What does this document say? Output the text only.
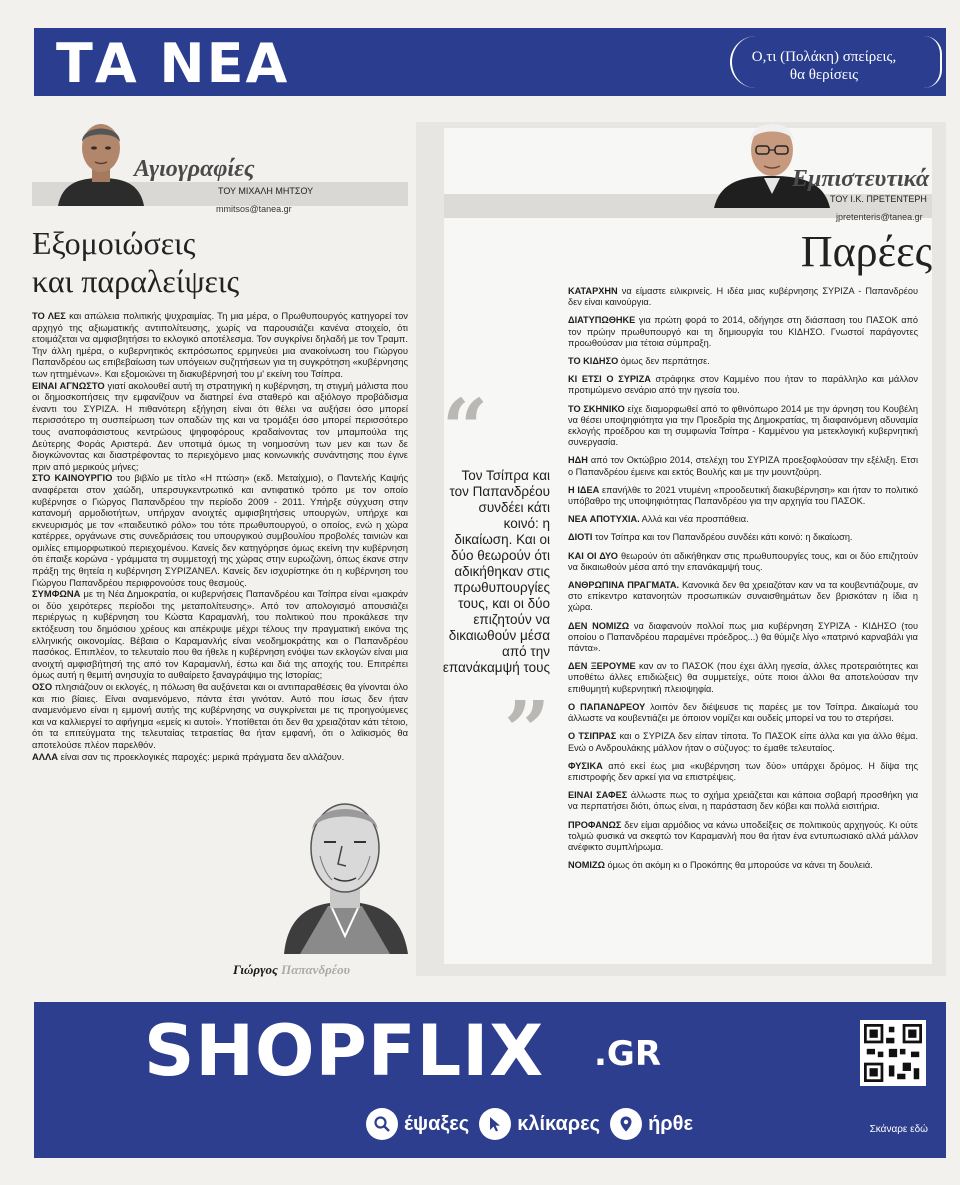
ΤΑ ΝΕΑ	Ο,τι (Πολάκη) σπείρεις,
θα θερίσεις
Αγιογραφίες
ΤΟΥ ΜΙΧΑΛΗ ΜΗΤΣΟΥ
mmitsos@tanea.gr
Εξομοιώσεις
και παραλείψεις

ΤΟ ΛΕΣ και απώλεια πολιτικής ψυχραιμίας. Τη μια μέρα, ο Πρωθυπουργός κατηγορεί τον αρχηγό της αξιωματικής αντιπολίτευσης, χωρίς να παρουσιάζει κανένα στοιχείο, ότι ετοιμάζεται να αμφισβητήσει το εκλογικό αποτέλεσμα. Τον συγκρίνει δηλαδή με τον Τραμπ. Την άλλη ημέρα, ο κυβερνητικός εκπρόσωπος ερμηνεύει μια ανακοίνωση του Γιώργου Παπανδρέου ως επιβεβαίωση των υπόγειων συζητήσεων για τη συγκρότηση «κυβέρνησης των ηττημένων». Και εξομοιώνει τη διακυβέρνησή του μ' εκείνη του Τσίπρα.

ΕΙΝΑΙ ΑΓΝΩΣΤΟ γιατί ακολουθεί αυτή τη στρατηγική η κυβέρνηση, τη στιγμή μάλιστα που οι δημοσκοπήσεις την εμφανίζουν να διατηρεί ένα σταθερό και αξιόλογο προβάδισμα έναντι του ΣΥΡΙΖΑ. Η πιθανότερη εξήγηση είναι ότι θέλει να αυξήσει όσο μπορεί περισσότερο τη συσπείρωση των οπαδών της και να τρομάξει όσο μπορεί περισσότερο τους αναποφάσιστους κεντρώους ψηφοφόρους κραδαίνοντας τον μπαμπούλα της Δεύτερης Φοράς Αριστερά. Δεν υποτιμά όμως τη νοημοσύνη των μεν και των δε διογκώνοντας και διαστρέφοντας το περιεχόμενο μιας κοινωνικής συνάντησης που έγινε πριν από μερικούς μήνες;

ΣΤΟ ΚΑΙΝΟΥΡΓΙΟ του βιβλίο με τίτλο «Η πτώση» (εκδ. Μεταίχμιο), ο Παντελής Καψής αναφέρεται στον χαώδη, υπερσυγκεντρωτικό και αντιφατικό τρόπο με τον οποίο κυβέρνησε ο Γιώργος Παπανδρέου την περίοδο 2009 - 2011. Υπήρξε σύγχυση στην κατανομή αρμοδιοτήτων, υπήρχαν ανοιχτές αμφισβητήσεις υπουργών, υπήρχε και εκνευρισμός με τον «παιδευτικό ρόλο» του τότε πρωθυπουργού, ο οποίος, ενώ η χώρα κατέρρεε, οργάνωνε στις συνεδριάσεις του υπουργικού συμβουλίου προβολές ταινιών και ομιλίες επιμορφωτικού περιεχομένου. Κανείς δεν κατηγόρησε όμως εκείνη την κυβέρνηση ότι έπαιξε κορώνα - γράμματα τη συμμετοχή της χώρας στην ευρωζώνη, όπως έκανε στην πράξη της θητεία η κυβέρνηση ΣΥΡΙΖΑΝΕΛ. Κανείς δεν ισχυρίστηκε ότι η κυβέρνηση του Γιώργου Παπανδρέου περιφρονούσε τους θεσμούς.

ΣΥΜΦΩΝΑ με τη Νέα Δημοκρατία, οι κυβερνήσεις Παπανδρέου και Τσίπρα είναι «μακράν οι δύο χειρότερες περίοδοι της μεταπολίτευσης». Από τον απολογισμό απουσιάζει περιέργως η κυβέρνηση του Κώστα Καραμανλή, του πολιτικού που προκάλεσε την εκτόξευση του δημόσιου χρέους και απέκρυψε μέχρι τέλους την πραγματική εικόνα της ελληνικής οικονομίας. Βέβαια ο Καραμανλής είναι νεοδημοκράτης και ο Παπανδρέου πασόκος. Επιπλέον, το τελευταίο που θα ήθελε η κυβέρνηση ενόψει των εκλογών είναι μια ανοιχτή αμφισβήτησή της από τον Καραμανλή, έστω και διά της αποχής του. Επιτρέπει όμως αυτή η θεμιτή ανησυχία το αυθαίρετο ξαναγράψιμο της Ιστορίας;

ΟΣΟ πλησιάζουν οι εκλογές, η πόλωση θα αυξάνεται και οι αντιπαραθέσεις θα γίνονται όλο και πιο βίαιες. Είναι αναμενόμενο, πάντα έτσι γινόταν. Αυτό που ίσως δεν ήταν αναμενόμενο είναι η εμμονή αυτής της κυβέρνησης να συγκρίνεται με τις προηγούμενες και να καλλιεργεί το αφήγημα «εμείς κι αυτοί». Υποτίθεται ότι δεν θα χρειαζόταν κάτι τέτοιο, ότι τα επιτεύγματα της τελευταίας τετραετίας θα ήταν εμφανή, ότι ο λαϊκισμός θα αποτελούσε πλέον παρελθόν.

ΑΛΛΑ είναι σαν τις προεκλογικές παροχές: μερικά πράγματα δεν αλλάζουν.

Γιώργος Παπανδρέου
Εμπιστευτικά
ΤΟΥ Ι.Κ. ΠΡΕΤΕΝΤΕΡΗ
jpretenteris@tanea.gr
Παρέες
“
Τον Τσίπρα και τον Παπανδρέου συνδέει κάτι κοινό: η δικαίωση. Και οι δύο θεωρούν ότι αδικήθηκαν στις πρωθυπουργίες τους, και οι δύο επιζητούν να δικαιωθούν μέσα από την επανάκαμψή τους
”

ΚΑΤΑΡΧΗΝ να είμαστε ειλικρινείς. Η ιδέα μιας κυβέρνησης ΣΥΡΙΖΑ - Παπανδρέου δεν είναι καινούργια.

ΔΙΑΤΥΠΩΘΗΚΕ για πρώτη φορά το 2014, οδήγησε στη διάσπαση του ΠΑΣΟΚ από τον πρώην πρωθυπουργό και τη δημιουργία του ΚΙΔΗΣΟ. Γνωστοί παράγοντες προωθούσαν μια τέτοια σύμπραξη.

ΤΟ ΚΙΔΗΣΟ όμως δεν περπάτησε.

ΚΙ ΕΤΣΙ Ο ΣΥΡΙΖΑ στράφηκε στον Καμμένο που ήταν το παράλληλο και μάλλον προτιμώμενο σενάριο από την ηγεσία του.

ΤΟ ΣΚΗΝΙΚΟ είχε διαμορφωθεί από το φθινόπωρο 2014 με την άρνηση του Κουβέλη να θέσει υποψηφιότητα για την Προεδρία της Δημοκρατίας, τη διαφαινόμενη αδυναμία εκλογής προέδρου και τη συμφωνία Τσίπρα - Καμμένου για μετεκλογική κυβερνητική συνεργασία.

ΗΔΗ από τον Οκτώβριο 2014, στελέχη του ΣΥΡΙΖΑ προεξοφλούσαν την εξέλιξη. Ετσι ο Παπανδρέου έμεινε και εκτός Βουλής και με την μουντζούρη.

Η ΙΔΕΑ επανήλθε το 2021 ντυμένη «προοδευτική διακυβέρνηση» και ήταν το πολιτικό υπόβαθρο της υποψηφιότητας Παπανδρέου για την αρχηγία του ΠΑΣΟΚ.

ΝΕΑ ΑΠΟΤΥΧΙΑ. Αλλά και νέα προσπάθεια.

ΔΙΟΤΙ τον Τσίπρα και τον Παπανδρέου συνδέει κάτι κοινό: η δικαίωση.

ΚΑΙ ΟΙ ΔΥΟ θεωρούν ότι αδικήθηκαν στις πρωθυπουργίες τους, και οι δύο επιζητούν να δικαιωθούν μέσα από την επανάκαμψή τους.

ΑΝΘΡΩΠΙΝΑ ΠΡΑΓΜΑΤΑ. Κανονικά δεν θα χρειαζόταν καν να τα κουβεντιάζουμε, αν στο επίκεντρο κατανοητών προσωπικών συναισθημάτων δεν βρισκόταν η ίδια η χώρα.

ΔΕΝ ΝΟΜΙΖΩ να διαφανούν πολλοί πως μια κυβέρνηση ΣΥΡΙΖΑ - ΚΙΔΗΣΟ (του οποίου ο Παπανδρέου παραμένει πρόεδρος...) θα θύμιζε λίγο «πατρινό καρναβάλι για πάντα».

ΔΕΝ ΞΕΡΟΥΜΕ καν αν το ΠΑΣΟΚ (που έχει άλλη ηγεσία, άλλες προτεραιότητες και υποθέτω άλλες επιδιώξεις) θα συμμετείχε, ούτε ποιοι άλλοι θα αποτελούσαν την επιθυμητή κυβερνητική πλειοψηφία.

Ο ΠΑΠΑΝΔΡΕΟΥ λοιπόν δεν διέψευσε τις παρέες με τον Τσίπρα. Δικαίωμά του άλλωστε να κουβεντιάζει με όποιον νομίζει και ουδείς μπορεί να του το στερήσει.

Ο ΤΣΙΠΡΑΣ και ο ΣΥΡΙΖΑ δεν είπαν τίποτα. Το ΠΑΣΟΚ είπε άλλα και για άλλο θέμα. Ενώ ο Ανδρουλάκης μάλλον ήταν ο σύζυγος: το έμαθε τελευταίος.

ΦΥΣΙΚΑ από εκεί έως μια «κυβέρνηση των δύο» υπάρχει δρόμος. Η δίψα της επιστροφής δεν αρκεί για να επιστρέψεις.

ΕΙΝΑΙ ΣΑΦΕΣ άλλωστε πως το σχήμα χρειάζεται και κάποια σοβαρή προσθήκη για να περπατήσει διότι, όπως είναι, η παράσταση δεν κόβει και πολλά εισιτήρια.

ΠΡΟΦΑΝΩΣ δεν είμαι αρμόδιος να κάνω υποδείξεις σε πολιτικούς αρχηγούς. Κι ούτε τολμώ φυσικά να σκεφτώ τον Καραμανλή που θα ήταν ένα εντυπωσιακό αλλά μάλλον ανέφικτο συμπλήρωμα.

ΝΟΜΙΖΩ όμως ότι ακόμη κι ο Προκόπης θα μπορούσε να κάνει τη δουλειά.

SHOPFLIX .GR
έψαξες κλίκαρες ήρθε	Σκάναρε εδώ
